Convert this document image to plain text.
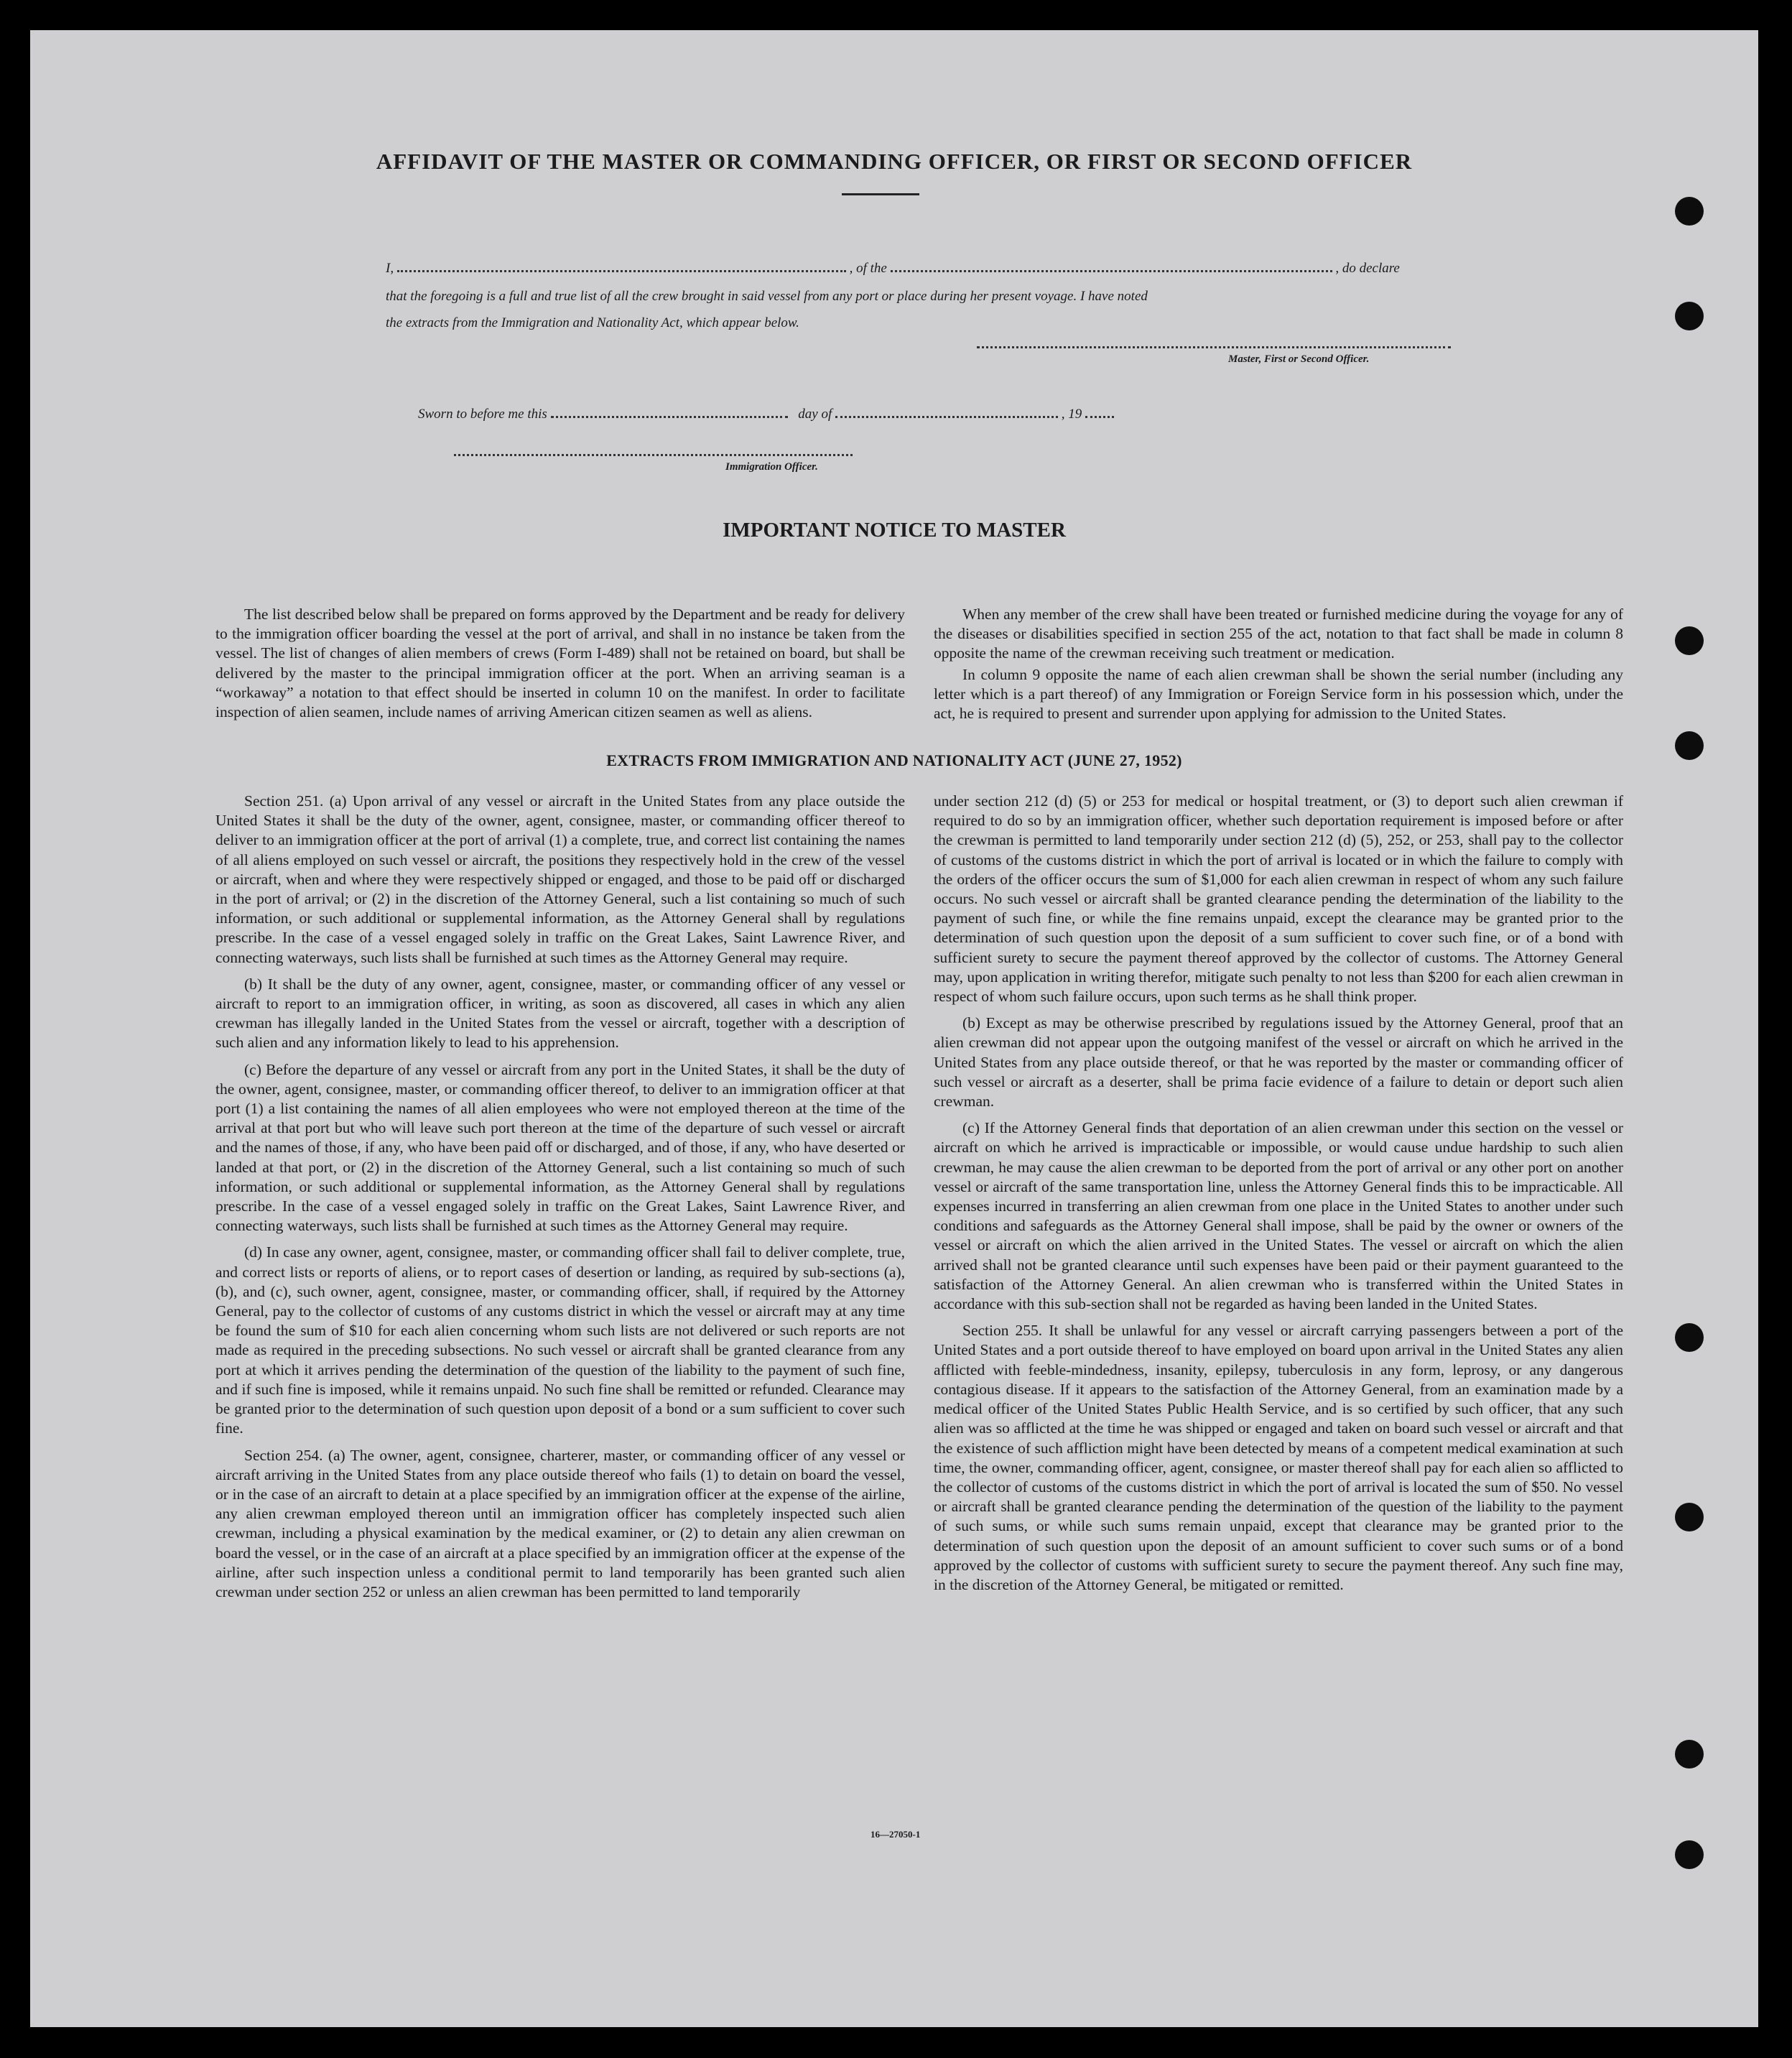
AFFIDAVIT OF THE MASTER OR COMMANDING OFFICER, OR FIRST OR SECOND OFFICER
I,	, of the	, do declare
that the foregoing is a full and true list of all the crew brought in said vessel from any port or place during her present voyage. I have noted
the extracts from the Immigration and Nationality Act, which appear below.
Master, First or Second Officer.
Sworn to before me this	day of	, 19
Immigration Officer.
IMPORTANT NOTICE TO MASTER

The list described below shall be prepared on forms approved by the Department and be ready for delivery to the immigration officer boarding the vessel at the port of arrival, and shall in no instance be taken from the vessel. The list of changes of alien members of crews (Form I-489) shall not be retained on board, but shall be delivered by the master to the principal immigration officer at the port. When an arriving seaman is a “workaway” a notation to that effect should be inserted in column 10 on the manifest. In order to facilitate inspection of alien seamen, include names of arriving American citizen seamen as well as aliens.

When any member of the crew shall have been treated or furnished medicine during the voyage for any of the diseases or disabilities specified in section 255 of the act, notation to that fact shall be made in column 8 opposite the name of the crewman receiving such treatment or medication.

In column 9 opposite the name of each alien crewman shall be shown the serial number (including any letter which is a part thereof) of any Immigration or Foreign Service form in his possession which, under the act, he is required to present and surrender upon applying for admission to the United States.

EXTRACTS FROM IMMIGRATION AND NATIONALITY ACT (JUNE 27, 1952)

Section 251. (a) Upon arrival of any vessel or aircraft in the United States from any place outside the United States it shall be the duty of the owner, agent, consignee, master, or commanding officer thereof to deliver to an immigration officer at the port of arrival (1) a complete, true, and correct list containing the names of all aliens employed on such vessel or aircraft, the positions they respectively hold in the crew of the vessel or aircraft, when and where they were respectively shipped or engaged, and those to be paid off or discharged in the port of arrival; or (2) in the discretion of the Attorney General, such a list containing so much of such information, or such additional or supplemental information, as the Attorney General shall by regulations prescribe. In the case of a vessel engaged solely in traffic on the Great Lakes, Saint Lawrence River, and connecting waterways, such lists shall be furnished at such times as the Attorney General may require.

(b) It shall be the duty of any owner, agent, consignee, master, or commanding officer of any vessel or aircraft to report to an immigration officer, in writing, as soon as discovered, all cases in which any alien crewman has illegally landed in the United States from the vessel or aircraft, together with a description of such alien and any information likely to lead to his apprehension.

(c) Before the departure of any vessel or aircraft from any port in the United States, it shall be the duty of the owner, agent, consignee, master, or commanding officer thereof, to deliver to an immigration officer at that port (1) a list containing the names of all alien employees who were not employed thereon at the time of the arrival at that port but who will leave such port thereon at the time of the departure of such vessel or aircraft and the names of those, if any, who have been paid off or discharged, and of those, if any, who have deserted or landed at that port, or (2) in the discretion of the Attorney General, such a list containing so much of such information, or such additional or supplemental information, as the Attorney General shall by regulations prescribe. In the case of a vessel engaged solely in traffic on the Great Lakes, Saint Lawrence River, and connecting waterways, such lists shall be furnished at such times as the Attorney General may require.

(d) In case any owner, agent, consignee, master, or commanding officer shall fail to deliver complete, true, and correct lists or reports of aliens, or to report cases of desertion or landing, as required by sub-sections (a), (b), and (c), such owner, agent, consignee, master, or commanding officer, shall, if required by the Attorney General, pay to the collector of customs of any customs district in which the vessel or aircraft may at any time be found the sum of $10 for each alien concerning whom such lists are not delivered or such reports are not made as required in the preceding subsections. No such vessel or aircraft shall be granted clearance from any port at which it arrives pending the determination of the question of the liability to the payment of such fine, and if such fine is imposed, while it remains unpaid. No such fine shall be remitted or refunded. Clearance may be granted prior to the determination of such question upon deposit of a bond or a sum sufficient to cover such fine.

Section 254. (a) The owner, agent, consignee, charterer, master, or commanding officer of any vessel or aircraft arriving in the United States from any place outside thereof who fails (1) to detain on board the vessel, or in the case of an aircraft to detain at a place specified by an immigration officer at the expense of the airline, any alien crewman employed thereon until an immigration officer has completely inspected such alien crewman, including a physical examination by the medical examiner, or (2) to detain any alien crewman on board the vessel, or in the case of an aircraft at a place specified by an immigration officer at the expense of the airline, after such inspection unless a conditional permit to land temporarily has been granted such alien crewman under section 252 or unless an alien crewman has been permitted to land temporarily

under section 212 (d) (5) or 253 for medical or hospital treatment, or (3) to deport such alien crewman if required to do so by an immigration officer, whether such deportation requirement is imposed before or after the crewman is permitted to land temporarily under section 212 (d) (5), 252, or 253, shall pay to the collector of customs of the customs district in which the port of arrival is located or in which the failure to comply with the orders of the officer occurs the sum of $1,000 for each alien crewman in respect of whom any such failure occurs. No such vessel or aircraft shall be granted clearance pending the determination of the liability to the payment of such fine, or while the fine remains unpaid, except the clearance may be granted prior to the determination of such question upon the deposit of a sum sufficient to cover such fine, or of a bond with sufficient surety to secure the payment thereof approved by the collector of customs. The Attorney General may, upon application in writing therefor, mitigate such penalty to not less than $200 for each alien crewman in respect of whom such failure occurs, upon such terms as he shall think proper.

(b) Except as may be otherwise prescribed by regulations issued by the Attorney General, proof that an alien crewman did not appear upon the outgoing manifest of the vessel or aircraft on which he arrived in the United States from any place outside thereof, or that he was reported by the master or commanding officer of such vessel or aircraft as a deserter, shall be prima facie evidence of a failure to detain or deport such alien crewman.

(c) If the Attorney General finds that deportation of an alien crewman under this section on the vessel or aircraft on which he arrived is impracticable or impossible, or would cause undue hardship to such alien crewman, he may cause the alien crewman to be deported from the port of arrival or any other port on another vessel or aircraft of the same transportation line, unless the Attorney General finds this to be impracticable. All expenses incurred in transferring an alien crewman from one place in the United States to another under such conditions and safeguards as the Attorney General shall impose, shall be paid by the owner or owners of the vessel or aircraft on which the alien arrived in the United States. The vessel or aircraft on which the alien arrived shall not be granted clearance until such expenses have been paid or their payment guaranteed to the satisfaction of the Attorney General. An alien crewman who is transferred within the United States in accordance with this sub-section shall not be regarded as having been landed in the United States.

Section 255. It shall be unlawful for any vessel or aircraft carrying passengers between a port of the United States and a port outside thereof to have employed on board upon arrival in the United States any alien afflicted with feeble-mindedness, insanity, epilepsy, tuberculosis in any form, leprosy, or any dangerous contagious disease. If it appears to the satisfaction of the Attorney General, from an examination made by a medical officer of the United States Public Health Service, and is so certified by such officer, that any such alien was so afflicted at the time he was shipped or engaged and taken on board such vessel or aircraft and that the existence of such affliction might have been detected by means of a competent medical examination at such time, the owner, commanding officer, agent, consignee, or master thereof shall pay for each alien so afflicted to the collector of customs of the customs district in which the port of arrival is located the sum of $50. No vessel or aircraft shall be granted clearance pending the determination of the question of the liability to the payment of such sums, or while such sums remain unpaid, except that clearance may be granted prior to the determination of such question upon the deposit of an amount sufficient to cover such sums or of a bond approved by the collector of customs with sufficient surety to secure the payment thereof. Any such fine may, in the discretion of the Attorney General, be mitigated or remitted.

16—27050-1
